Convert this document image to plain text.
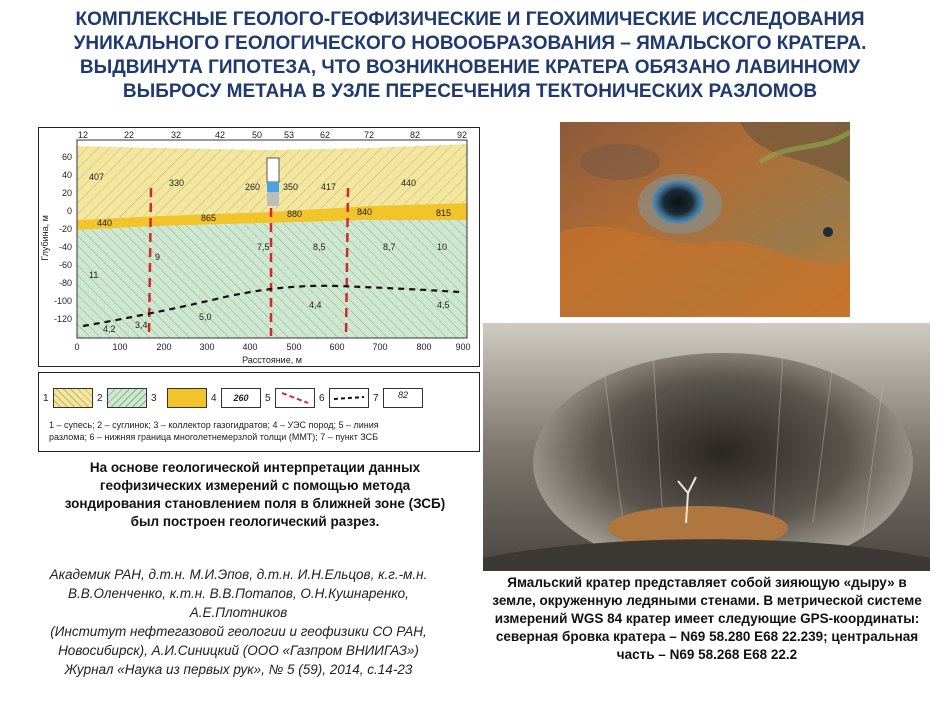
КОМПЛЕКСНЫЕ ГЕОЛОГО-ГЕОФИЗИЧЕСКИЕ И ГЕОХИМИЧЕСКИЕ ИССЛЕДОВАНИЯ
УНИКАЛЬНОГО ГЕОЛОГИЧЕСКОГО НОВООБРАЗОВАНИЯ – ЯМАЛЬСКОГО КРАТЕРА.
ВЫДВИНУТА ГИПОТЕЗА, ЧТО ВОЗНИКНОВЕНИЕ КРАТЕРА ОБЯЗАНО ЛАВИННОМУ
ВЫБРОСУ МЕТАНА В УЗЛЕ ПЕРЕСЕЧЕНИЯ ТЕКТОНИЧЕСКИХ РАЗЛОМОВ
60
40
20
0
-20
-40
-60
-80
-100
-120
Глубина, м
0	100	200	300	400	500	600	700	800	900
Расстояние, м
12	22	32	42	50 53	62	72	82	92
407
330	260	350	417	440
440	865	880	840	815
11
9
7,5	8,5	8,7	10
4,4	4,5
5,0
4,2 3,4
1	2	3	4	260	5	6	7	82
1 – супесь; 2 – суглинок; 3 – коллектор газогидратов; 4 – УЭС пород; 5 – линия
разлома; 6 – нижняя граница многолетнемерзлой толщи (ММТ); 7 – пункт ЗСБ
На основе геологической интерпретации данных геофизических измерений с помощью метода зондирования становлением поля в ближней зоне (ЗСБ) был построен геологический разрез.
Академик РАН, д.т.н. М.И.Эпов, д.т.н. И.Н.Ельцов, к.г.-м.н.
В.В.Оленченко, к.т.н. В.В.Потапов, О.Н.Кушнаренко,
А.Е.Плотников
(Институт нефтегазовой геологии и геофизики СО РАН,
Новосибирск), А.И.Синицкий (ООО «Газпром ВНИИГАЗ»)
Журнал «Наука из первых рук», № 5 (59), 2014, с.14-23
Ямальский кратер представляет собой зияющую «дыру» в земле, окруженную ледяными стенами. В метрической системе измерений WGS 84 кратер имеет следующие GPS-координаты: северная бровка кратера – N69 58.280 E68 22.239; центральная часть – N69 58.268 E68 22.2
